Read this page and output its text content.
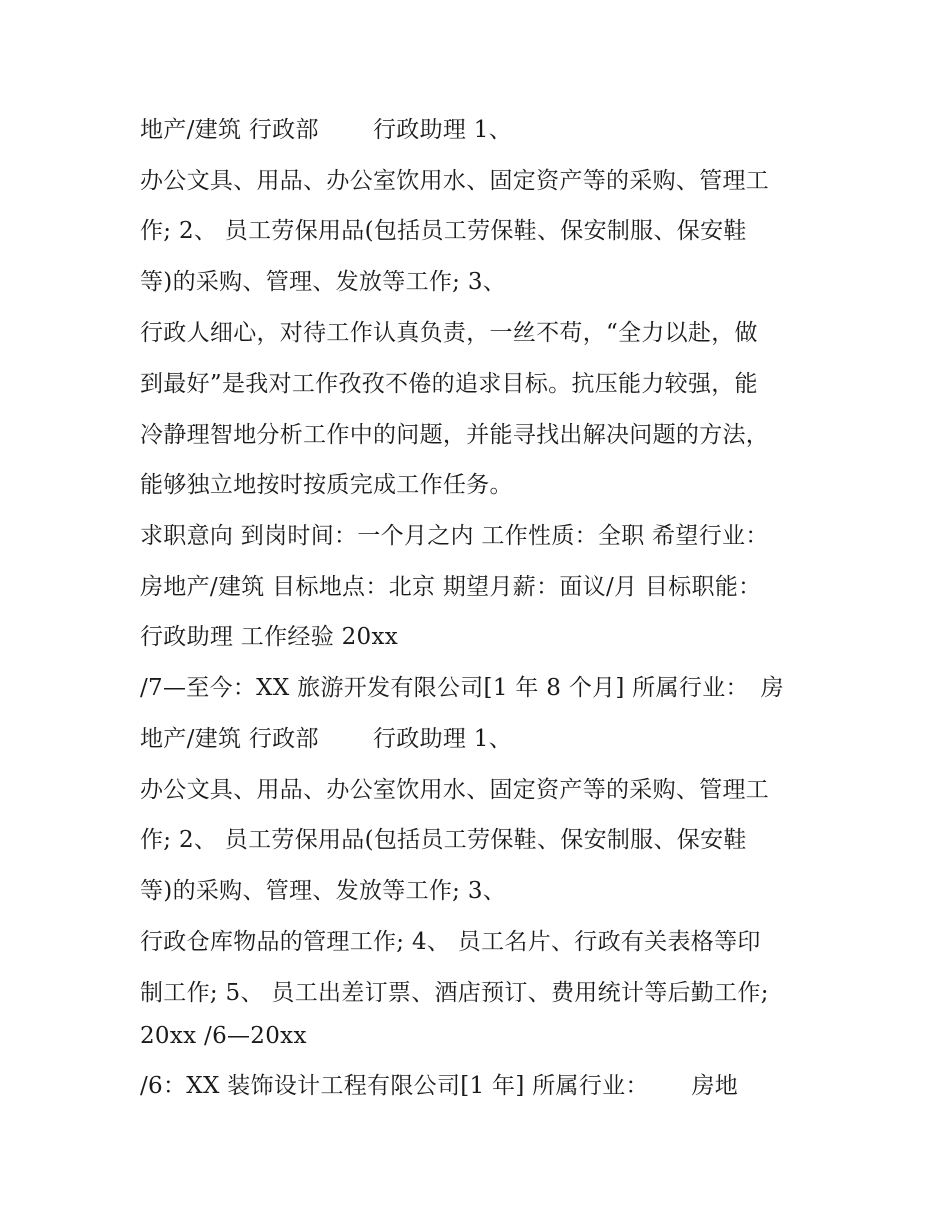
地产/建筑 行政部　　 行政助理 1、
办公文具、用品、办公室饮用水、固定资产等的采购、管理工
作; 2、 员工劳保用品(包括员工劳保鞋、保安制服、保安鞋
等)的采购、管理、发放等工作; 3、
行政人细心，对待工作认真负责，一丝不苟，“全力以赴，做
到最好”是我对工作孜孜不倦的追求目标。抗压能力较强，能
冷静理智地分析工作中的问题，并能寻找出解决问题的方法，
能够独立地按时按质完成工作任务。
求职意向 到岗时间：一个月之内 工作性质：全职 希望行业：
房地产/建筑 目标地点：北京 期望月薪：面议/月 目标职能：
行政助理 工作经验 20xx
/7—至今：XX 旅游开发有限公司[1 年 8 个月] 所属行业：　房
地产/建筑 行政部　　 行政助理 1、
办公文具、用品、办公室饮用水、固定资产等的采购、管理工
作; 2、 员工劳保用品(包括员工劳保鞋、保安制服、保安鞋
等)的采购、管理、发放等工作; 3、
行政仓库物品的管理工作; 4、 员工名片、行政有关表格等印
制工作; 5、 员工出差订票、酒店预订、费用统计等后勤工作;
20xx /6—20xx
/6：XX 装饰设计工程有限公司[1 年] 所属行业：　　 房地
